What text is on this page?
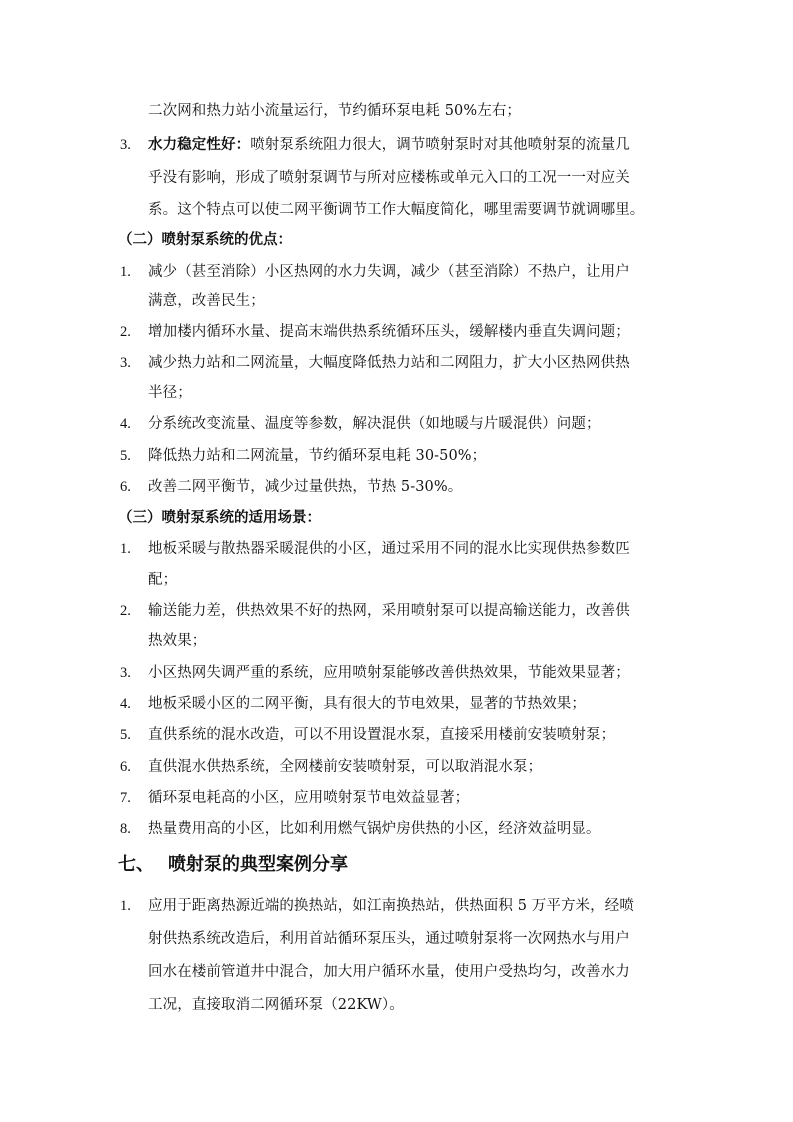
二次网和热力站小流量运行，节约循环泵电耗 50%左右；
3. 水力稳定性好：喷射泵系统阻力很大，调节喷射泵时对其他喷射泵的流量几
乎没有影响，形成了喷射泵调节与所对应楼栋或单元入口的工况一一对应关
系。这个特点可以使二网平衡调节工作大幅度简化，哪里需要调节就调哪里。
（二）喷射泵系统的优点：
1. 减少（甚至消除）小区热网的水力失调，减少（甚至消除）不热户，让用户
满意，改善民生；
2. 增加楼内循环水量、提高末端供热系统循环压头，缓解楼内垂直失调问题；
3. 减少热力站和二网流量，大幅度降低热力站和二网阻力，扩大小区热网供热
半径；
4. 分系统改变流量、温度等参数，解决混供（如地暖与片暖混供）问题；
5. 降低热力站和二网流量，节约循环泵电耗 30-50%；
6. 改善二网平衡节，减少过量供热，节热 5-30%。
（三）喷射泵系统的适用场景：
1. 地板采暖与散热器采暖混供的小区，通过采用不同的混水比实现供热参数匹
配；
2. 输送能力差，供热效果不好的热网，采用喷射泵可以提高输送能力，改善供
热效果；
3. 小区热网失调严重的系统，应用喷射泵能够改善供热效果，节能效果显著；
4. 地板采暖小区的二网平衡，具有很大的节电效果，显著的节热效果；
5. 直供系统的混水改造，可以不用设置混水泵，直接采用楼前安装喷射泵；
6. 直供混水供热系统，全网楼前安装喷射泵，可以取消混水泵；
7. 循环泵电耗高的小区，应用喷射泵节电效益显著；
8. 热量费用高的小区，比如利用燃气锅炉房供热的小区，经济效益明显。
七、 喷射泵的典型案例分享
1. 应用于距离热源近端的换热站，如江南换热站，供热面积 5 万平方米，经喷
射供热系统改造后，利用首站循环泵压头，通过喷射泵将一次网热水与用户
回水在楼前管道井中混合，加大用户循环水量，使用户受热均匀，改善水力
工况，直接取消二网循环泵（22KW）。
